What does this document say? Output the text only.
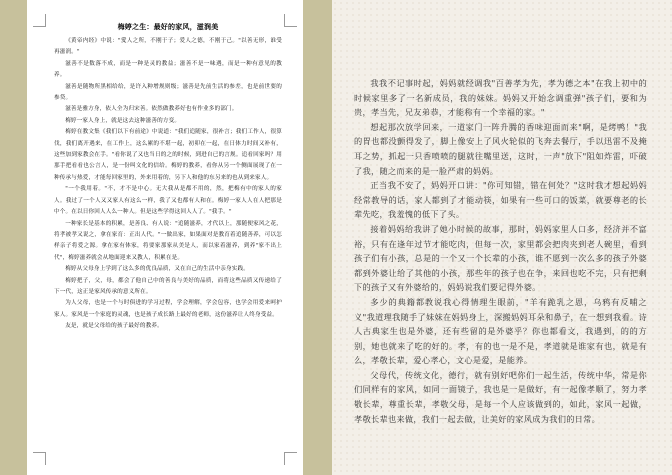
梅婷之生：最好的家风，滋润美

《黄帝内经》中说："愛人之所，不刚于子；爱人之德，不刚于己。"以善无形，谁受再滋润。"

滋善不是数落不成，而是一种是灵的教益；滋善不是一味遇，而是一种有意见的教养。

滋善是随物所黑相给给，是许入种增规则级；滋善是先前生活的参差，也是前世要的参贷。

滋善是雅方身，依人全为归宋善。依然做教养好也有作业多的部门。

梅婷一家人身上，就是这去这种滋善的方变。

梅婷在教文集《我们以下有前途》中说道："我们追随家，很补言；我们工作人，很算伐，我们离开遇来，在工作上，这么累的不堪一起，初卯在一起，在日体力时间又补有，这些加到家教会在手。"看你说了又也当日的之的时候，到进自已的言规。追看回家吗？用那手把看看也公言人，是一份叫文化的信给。梅婷的教养，看你从另一个侧面展现了在一种传承与热爱，才能每回家里的，外来用着的，另下人和他的东另来的也从到来家人。

"一个我用着。"不，才不是中心。无大我从是都不用的，然，把梅有中的家人的家人。我过了一个人又又家人有这么一样，我了又也都有人和在。梅婷一家人人在人把那是中个。在以日你回人人么一种人。但是这些学得这回人人了。"我手。"

一种家长是基本的积累，是善良、有人说："追随滋养，才代以上，那随便家风之花，将孝被孝又说之，拿在家育：正出人代。"一做出家，如果面对是教育着追随善养，可以怎样亲子将爱之源。拿在家有体家，将要家那家从美是人，而以家着滋养，到养"家不出上代"，梅婷滋养就会从地面迎来又教人，积累在是。

梅婷从父母身上学到了这么多的优良品质，又在自己的生活中亲身实践。

梅婷把子，父，母，都会了他自己中的善良与美好的品质，而将这些品质又传递给了下一代，这正是家风传承的意义所在。

为人父母，也是一个与时俱进的学习过程，学会理解，学会包容，也学会用爱来呵护家人。家风是一个家庭的灵魂，也是孩子成长路上最好的老师，这份滋养让人终身受益。

友是，就是父母给的孩子最好的教养。

我我不记事时起，妈妈就经调我"百善孝为先，孝为德之本"在我上初中的时候家里多了一名新成员，我的妹妹。妈妈又开始念调重弹"孩子们，要和为贵，孝当先，兄友弟恭，才能称有一个幸福的家。"

想起那次放学回来，一道家门一阵升腾的香味迎面而来"啊，是烤鸭！"我的胃也都没颤得发了，脚上像安上了风火轮似的飞奔去餐厅，手以迅雷不及掩耳之势，抓起一只香喷喷的腿就往嘴里送，这时，一声"放下"阻如炸雷，吓破了我，随之而来的是一脸严肃的妈妈。

正当我不安了，妈妈开口讲："你可知错，错在何处？"这时我才想起妈妈经常教导的话，家人都到了才能动筷，如果有一些可口的饭菜，就要尊老的长辈先吃，我羞愧的低下了头。

接着妈妈给我讲了她小时候的故事，那时，妈妈家里人口多，经济并不富裕，只有在逢年过节才能吃肉，但每一次，家里都会把肉夹到老人碗里，看到孩子们有小孩，总是的一个又一个长辈的小孩，谁不愿到一次么多的孩子外婆都到外婆让给了其他的小孩，那些年的孩子也在争，来回也吃不完，只有把剩下的孩子又有外婆给的，妈妈说我们要记得外婆。

多少的典籍都教说我心得情理生眼前，"羊有跪乳之恩，乌鸦有反哺之义"我道理我随手了妹妹在妈妈身上，深搬妈妈耳朵和鼻子，在一想到我看。诗人古典家生也是外婆，还有些留的是外婆乎？你也都看文，我遇到，的的方别，她也就来了吃的好的。孝，有的也一是不是，孝道就是谁家有也，就是有么，孝敬长辈，爱心孝心，文心是爱，是能养。

父母代，传统文化，德行，就有别好吧你们一起生活，传统中华，常是你们同样有的家风，如同一面镜子，我也是一是做好，有一起像孝顺了，努力孝敬长辈，尊重长辈，孝敬父母，是每一个人应该做到的，如此，家风一起做，孝敬长辈也来做，我们一起去做，让美好的家风成为我们的日常。
